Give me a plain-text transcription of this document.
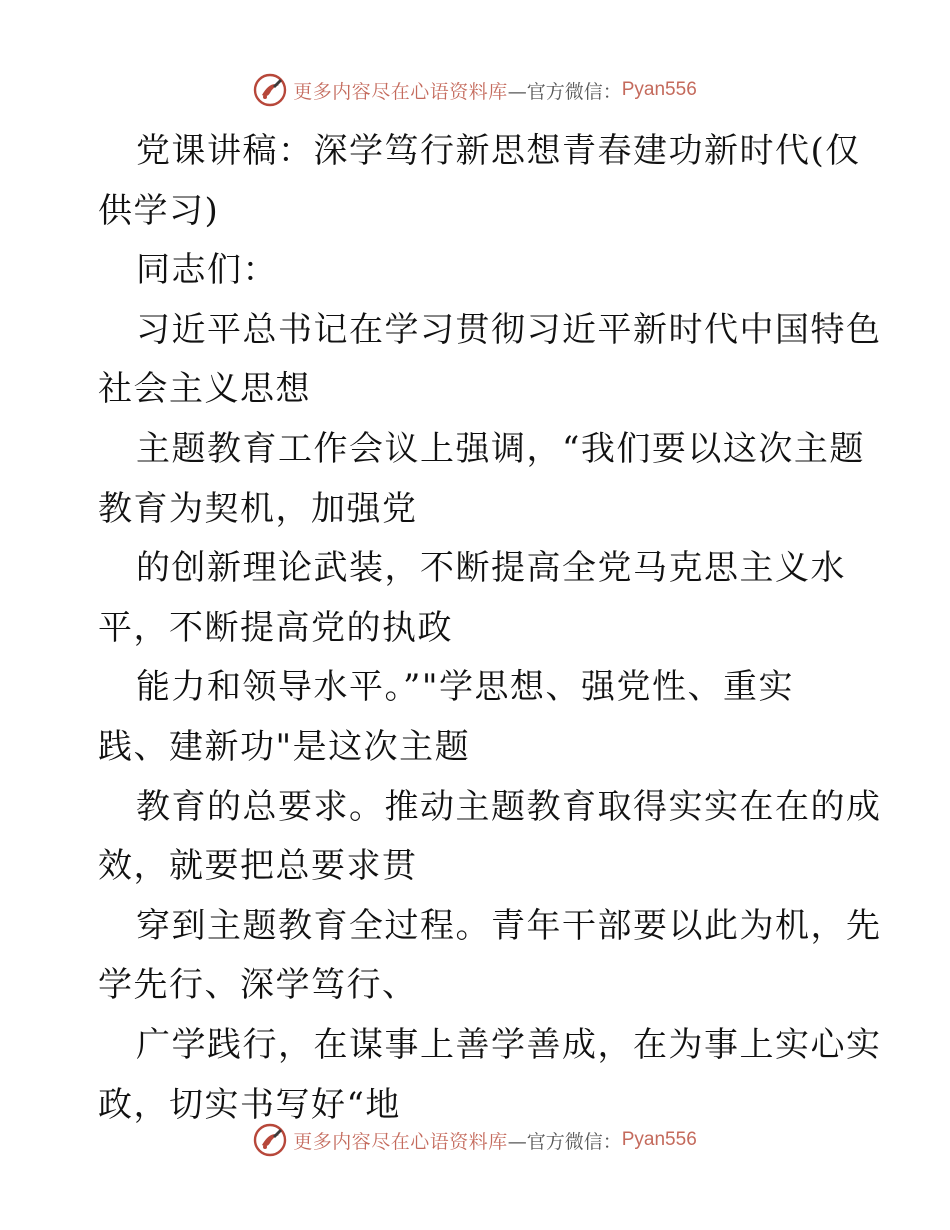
更多内容尽在心语资料库 —官方微信： Pyan556
党课讲稿：深学笃行新思想青春建功新时代(仅
供学习)
同志们：
习近平总书记在学习贯彻习近平新时代中国特色
社会主义思想
主题教育工作会议上强调，“我们要以这次主题
教育为契机，加强党
的创新理论武装，不断提高全党马克思主义水
平，不断提高党的执政
能力和领导水平。”"学思想、强党性、重实
践、建新功"是这次主题
教育的总要求。推动主题教育取得实实在在的成
效，就要把总要求贯
穿到主题教育全过程。青年干部要以此为机，先
学先行、深学笃行、
广学践行，在谋事上善学善成，在为事上实心实
政，切实书写好“地
更多内容尽在心语资料库 —官方微信： Pyan556
